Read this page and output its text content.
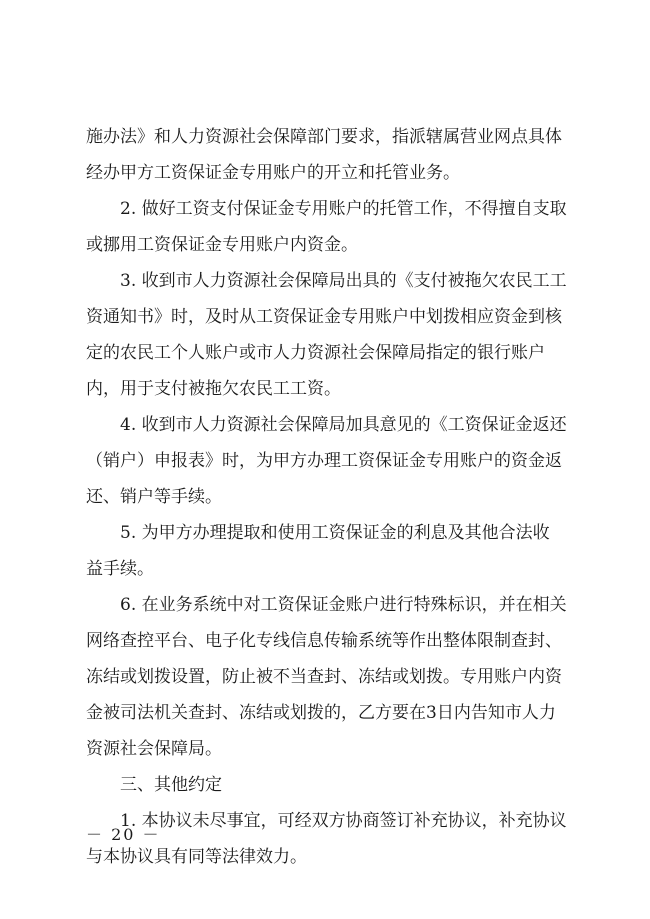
施办法》和人力资源社会保障部门要求，指派辖属营业网点具体
经办甲方工资保证金专用账户的开立和托管业务。
2. 做好工资支付保证金专用账户的托管工作，不得擅自支取
或挪用工资保证金专用账户内资金。
3. 收到市人力资源社会保障局出具的《支付被拖欠农民工工
资通知书》时，及时从工资保证金专用账户中划拨相应资金到核
定的农民工个人账户或市人力资源社会保障局指定的银行账户
内，用于支付被拖欠农民工工资。
4. 收到市人力资源社会保障局加具意见的《工资保证金返还
（销户）申报表》时，为甲方办理工资保证金专用账户的资金返
还、销户等手续。
5. 为甲方办理提取和使用工资保证金的利息及其他合法收
益手续。
6. 在业务系统中对工资保证金账户进行特殊标识，并在相关
网络查控平台、电子化专线信息传输系统等作出整体限制查封、
冻结或划拨设置，防止被不当查封、冻结或划拨。专用账户内资
金被司法机关查封、冻结或划拨的，乙方要在3日内告知市人力
资源社会保障局。
三、其他约定
1. 本协议未尽事宜，可经双方协商签订补充协议，补充协议
与本协议具有同等法律效力。
－ 20 －
